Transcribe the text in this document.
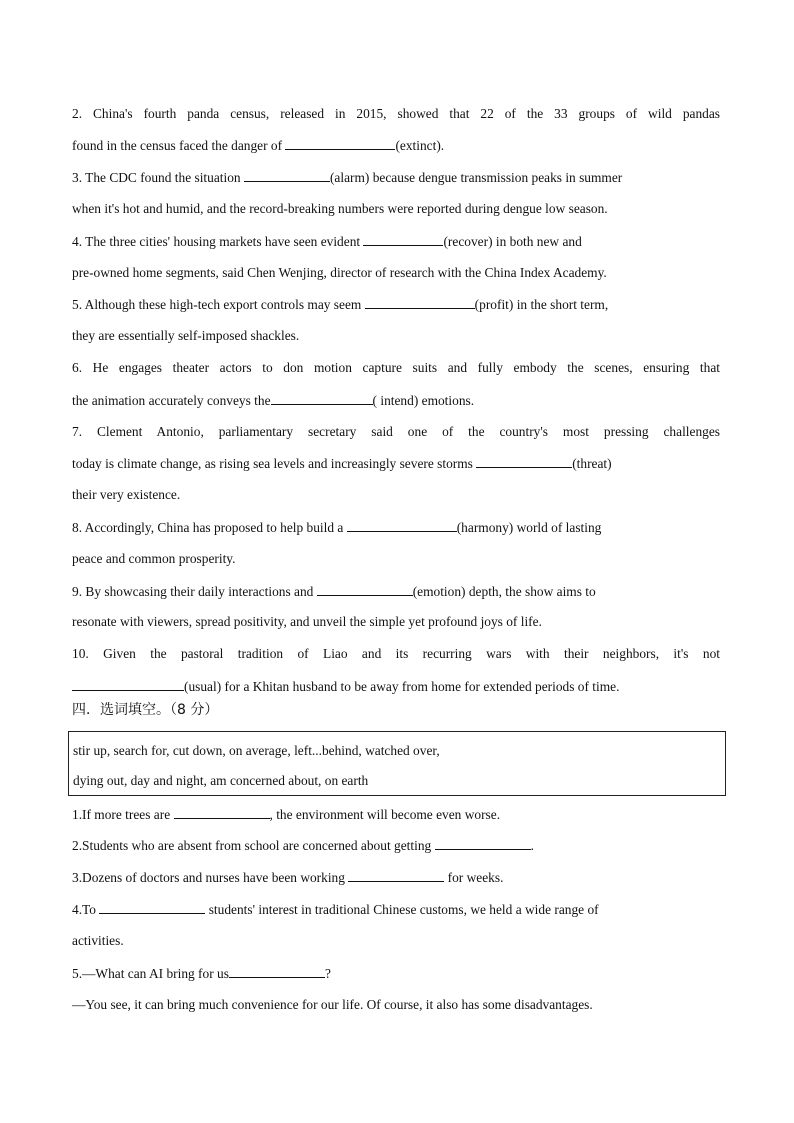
2. China's fourth panda census, released in 2015, showed that 22 of the 33 groups of wild pandas
found in the census faced the danger of	(extinct).
3. The CDC found the situation	(alarm) because dengue transmission peaks in summer
when it's hot and humid, and the record-breaking numbers were reported during dengue low season.
4. The three cities' housing markets have seen evident	(recover) in both new and
pre-owned home segments, said Chen Wenjing, director of research with the China Index Academy.
5. Although these high-tech export controls may seem	(profit) in the short term,
they are essentially self-imposed shackles.
6. He engages theater actors to don motion capture suits and fully embody the scenes, ensuring that
the animation accurately conveys the	( intend) emotions.
7. Clement Antonio, parliamentary secretary said one of the country's most pressing challenges
today is climate change, as rising sea levels and increasingly severe storms	(threat)
their very existence.
8. Accordingly, China has proposed to help build a	(harmony) world of lasting
peace and common prosperity.
9. By showcasing their daily interactions and	(emotion) depth, the show aims to
resonate with viewers, spread positivity, and unveil the simple yet profound joys of life.
10. Given the pastoral tradition of Liao and its recurring wars with their neighbors, it's not
(usual) for a Khitan husband to be away from home for extended periods of time.
四．选词填空。（8 分）
stir up, search for, cut down, on average, left...behind, watched over,
dying out, day and night, am concerned about, on earth
1.If more trees are	, the environment will become even worse.
2.Students who are absent from school are concerned about getting	.
3.Dozens of doctors and nurses have been working	for weeks.
4.To	students' interest in traditional Chinese customs, we held a wide range of
activities.
5.—What can AI bring for us	?
—You see, it can bring much convenience for our life. Of course, it also has some disadvantages.
